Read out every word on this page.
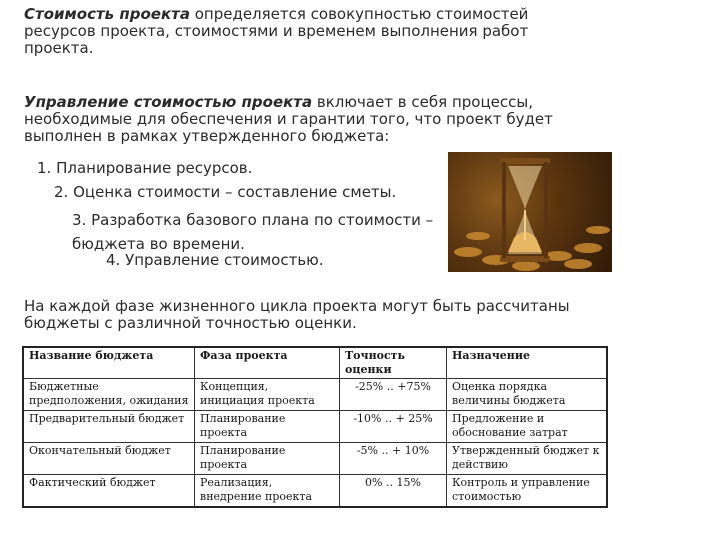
Стоимость проекта определяется совокупностью стоимостей ресурсов проекта, стоимостями и временем выполнения работ проекта.

Управление стоимостью проекта включает в себя процессы, необходимые для обеспечения и гарантии того, что проект будет выполнен в рамках утвержденного бюджета:

1. Планирование ресурсов.

2. Оценка стоимости – составление сметы.

3. Разработка базового плана по стоимости – бюджета во времени.

4. Управление стоимостью.

На каждой фазе жизненного цикла проекта могут быть рассчитаны бюджеты с различной точностью оценки.

Название бюджета	Фаза проекта	Точность оценки	Назначение
Бюджетные предположения, ожидания	Концепция, инициация проекта	-25% .. +75%	Оценка порядка величины бюджета
Предварительный бюджет	Планирование проекта	-10% .. + 25%	Предложение и обоснование затрат
Окончательный бюджет	Планирование проекта	-5% .. + 10%	Утвержденный бюджет к действию
Фактический бюджет	Реализация, внедрение проекта	0% .. 15%	Контроль и управление стоимостью
